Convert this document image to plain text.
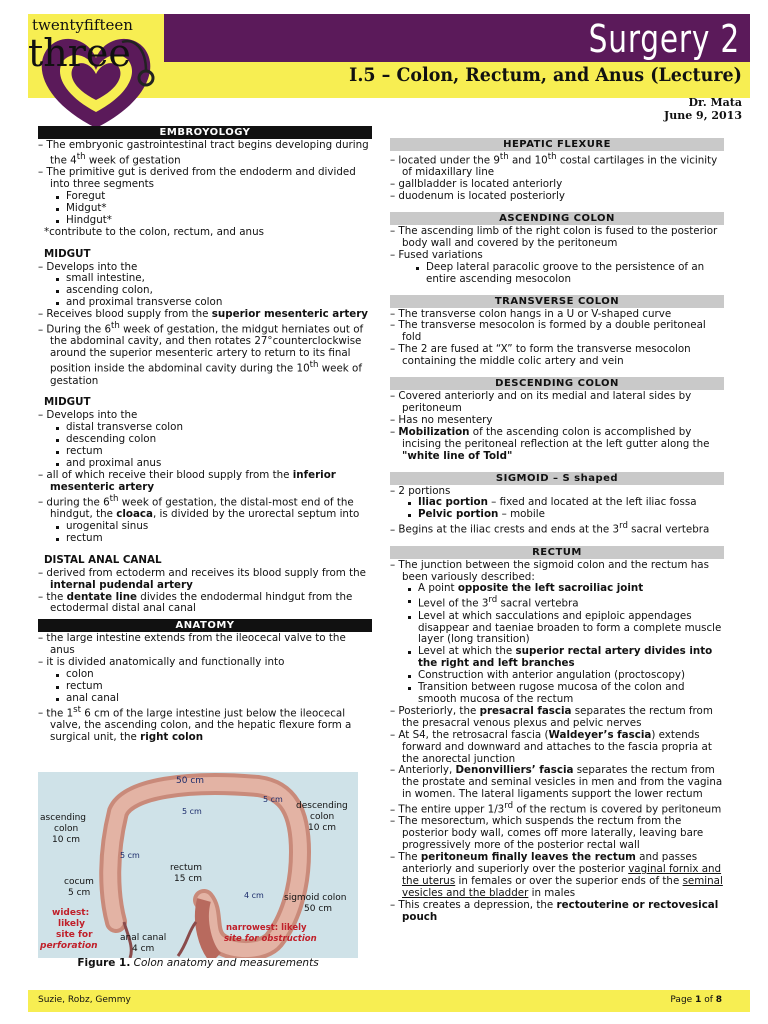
Surgery 2
I.5 – Colon, Rectum, and Anus (Lecture)
twentyfifteen
three
Dr. Mata
June 9, 2013
EMBROYOLOGY
– The embryonic gastrointestinal tract begins developing during the 4th week of gestation
– The primitive gut is derived from the endoderm and divided into three segments
Foregut
Midgut*
Hindgut*
*contribute to the colon, rectum, and anus
MIDGUT
– Develops into the
small intestine,
ascending colon,
and proximal transverse colon
– Receives blood supply from the superior mesenteric artery
– During the 6th week of gestation, the midgut herniates out of the abdominal cavity, and then rotates 27°counterclockwise around the superior mesenteric artery to return to its final position inside the abdominal cavity during the 10th week of gestation
MIDGUT
– Develops into the
distal transverse colon
descending colon
rectum
and proximal anus
– all of which receive their blood supply from the inferior mesenteric artery
– during the 6th week of gestation, the distal-most end of the hindgut, the cloaca, is divided by the urorectal septum into
urogenital sinus
rectum
DISTAL ANAL CANAL
– derived from ectoderm and receives its blood supply from the internal pudendal artery
– the dentate line divides the endodermal hindgut from the ectodermal distal anal canal
ANATOMY
– the large intestine extends from the ileocecal valve to the anus
– it is divided anatomically and functionally into
colon
rectum
anal canal
– the 1st 6 cm of the large intestine just below the ileocecal valve, the ascending colon, and the hepatic flexure form a surgical unit, the right colon
50 cm
5 cm
5 cm
5 cm
ascending
colon
10 cm
descending
colon
10 cm
cocum
5 cm
rectum
15 cm
widest:
likely
site for
perforation
anal canal
4 cm
narrowest: likely
site for obstruction
sigmoid colon
50 cm
4 cm
Figure 1. Colon anatomy and measurements
HEPATIC FLEXURE
– located under the 9th and 10th costal cartilages in the vicinity of midaxillary line
– gallbladder is located anteriorly
– duodenum is located posteriorly
ASCENDING COLON
– The ascending limb of the right colon is fused to the posterior body wall and covered by the peritoneum
– Fused variations
Deep lateral paracolic groove to the persistence of an entire ascending mesocolon
TRANSVERSE COLON
– The transverse colon hangs in a U or V-shaped curve
– The transverse mesocolon is formed by a double peritoneal fold
– The 2 are fused at “X” to form the transverse mesocolon containing the middle colic artery and vein
DESCENDING COLON
– Covered anteriorly and on its medial and lateral sides by peritoneum
– Has no mesentery
– Mobilization of the ascending colon is accomplished by incising the peritoneal reflection at the left gutter along the "white line of Told"
SIGMOID – S shaped
– 2 portions
Iliac portion – fixed and located at the left iliac fossa
Pelvic portion – mobile
– Begins at the iliac crests and ends at the 3rd sacral vertebra
RECTUM
– The junction between the sigmoid colon and the rectum has been variously described:
A point opposite the left sacroiliac joint
Level of the 3rd sacral vertebra
Level at which sacculations and epiploic appendages disappear and taeniae broaden to form a complete muscle layer (long transition)
Level at which the superior rectal artery divides into the right and left branches
Construction with anterior angulation (proctoscopy)
Transition between rugose mucosa of the colon and smooth mucosa of the rectum
– Posteriorly, the presacral fascia separates the rectum from the presacral venous plexus and pelvic nerves
– At S4, the retrosacral fascia (Waldeyer’s fascia) extends forward and downward and attaches to the fascia propria at the anorectal junction
– Anteriorly, Denonvilliers’ fascia separates the rectum from the prostate and seminal vesicles in men and from the vagina in women. The lateral ligaments support the lower rectum
– The entire upper 1/3rd of the rectum is covered by peritoneum
– The mesorectum, which suspends the rectum from the posterior body wall, comes off more laterally, leaving bare progressively more of the posterior rectal wall
– The peritoneum finally leaves the rectum and passes anteriorly and superiorly over the posterior vaginal fornix and the uterus in females or over the superior ends of the seminal vesicles and the bladder in males
– This creates a depression, the rectouterine or rectovesical pouch
Suzie, Robz, Gemmy	Page 1 of 8
